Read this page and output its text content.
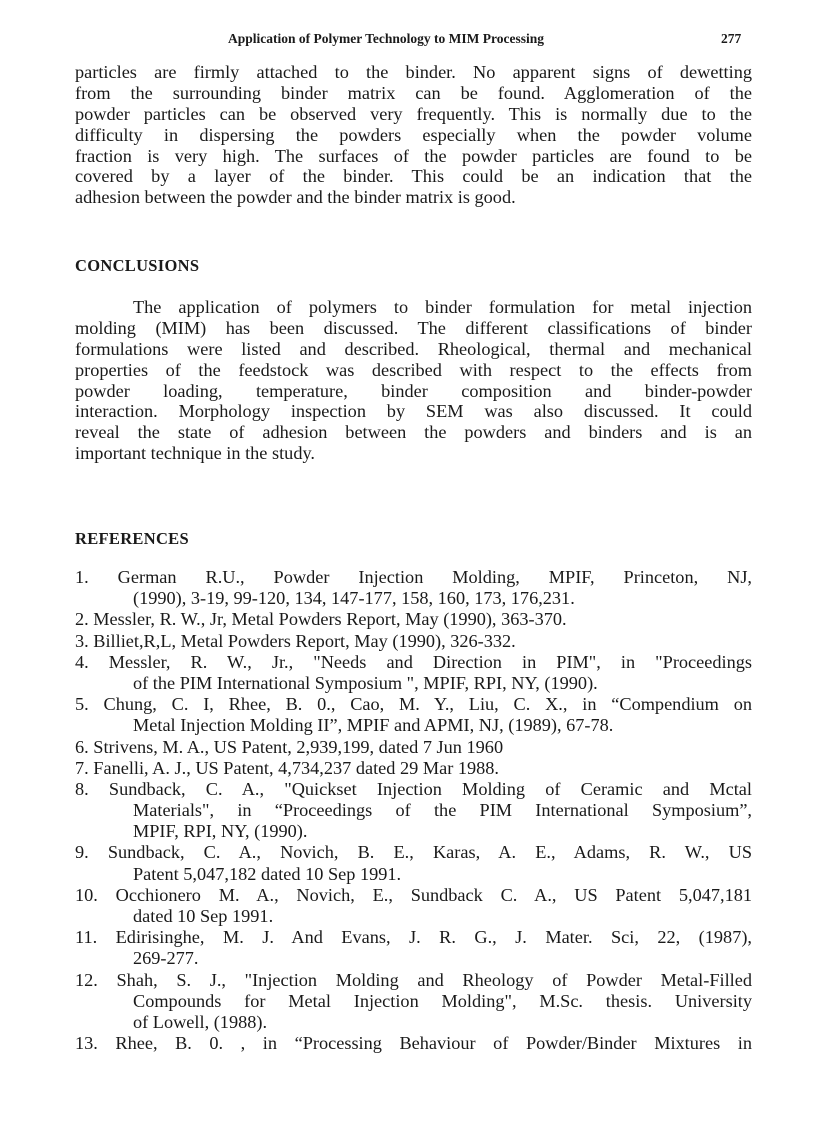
Application of Polymer Technology to MIM Processing	277
particles are firmly attached to the binder. No apparent signs of dewetting
from the surrounding binder matrix can be found. Agglomeration of the
powder particles can be observed very frequently. This is normally due to the
difficulty in dispersing the powders especially when the powder volume
fraction is very high. The surfaces of the powder particles are found to be
covered by a layer of the binder. This could be an indication that the
adhesion between the powder and the binder matrix is good.
CONCLUSIONS
The application of polymers to binder formulation for metal injection
molding (MIM) has been discussed. The different classifications of binder
formulations were listed and described. Rheological, thermal and mechanical
properties of the feedstock was described with respect to the effects from
powder loading, temperature, binder composition and binder-powder
interaction. Morphology inspection by SEM was also discussed. It could
reveal the state of adhesion between the powders and binders and is an
important technique in the study.
REFERENCES
1. German R.U., Powder Injection Molding, MPIF, Princeton, NJ,
(1990), 3-19, 99-120, 134, 147-177, 158, 160, 173, 176,231.
2. Messler, R. W., Jr, Metal Powders Report, May (1990), 363-370.
3. Billiet,R,L, Metal Powders Report, May (1990), 326-332.
4. Messler, R. W., Jr., "Needs and Direction in PIM", in "Proceedings
of the PIM International Symposium ", MPIF, RPI, NY, (1990).
5. Chung, C. I, Rhee, B. 0., Cao, M. Y., Liu, C. X., in “Compendium on
Metal Injection Molding II”, MPIF and APMI, NJ, (1989), 67-78.
6. Strivens, M. A., US Patent, 2,939,199, dated 7 Jun 1960
7. Fanelli, A. J., US Patent, 4,734,237 dated 29 Mar 1988.
8. Sundback, C. A., "Quickset Injection Molding of Ceramic and Mctal
Materials", in “Proceedings of the PIM International Symposium”,
MPIF, RPI, NY, (1990).
9. Sundback, C. A., Novich, B. E., Karas, A. E., Adams, R. W., US
Patent 5,047,182 dated 10 Sep 1991.
10. Occhionero M. A., Novich, E., Sundback C. A., US Patent 5,047,181
dated 10 Sep 1991.
11. Edirisinghe, M. J. And Evans, J. R. G., J. Mater. Sci, 22, (1987),
269-277.
12. Shah, S. J., "Injection Molding and Rheology of Powder Metal-Filled
Compounds for Metal Injection Molding", M.Sc. thesis. University
of Lowell, (1988).
13. Rhee, B. 0. , in “Processing Behaviour of Powder/Binder Mixtures in
